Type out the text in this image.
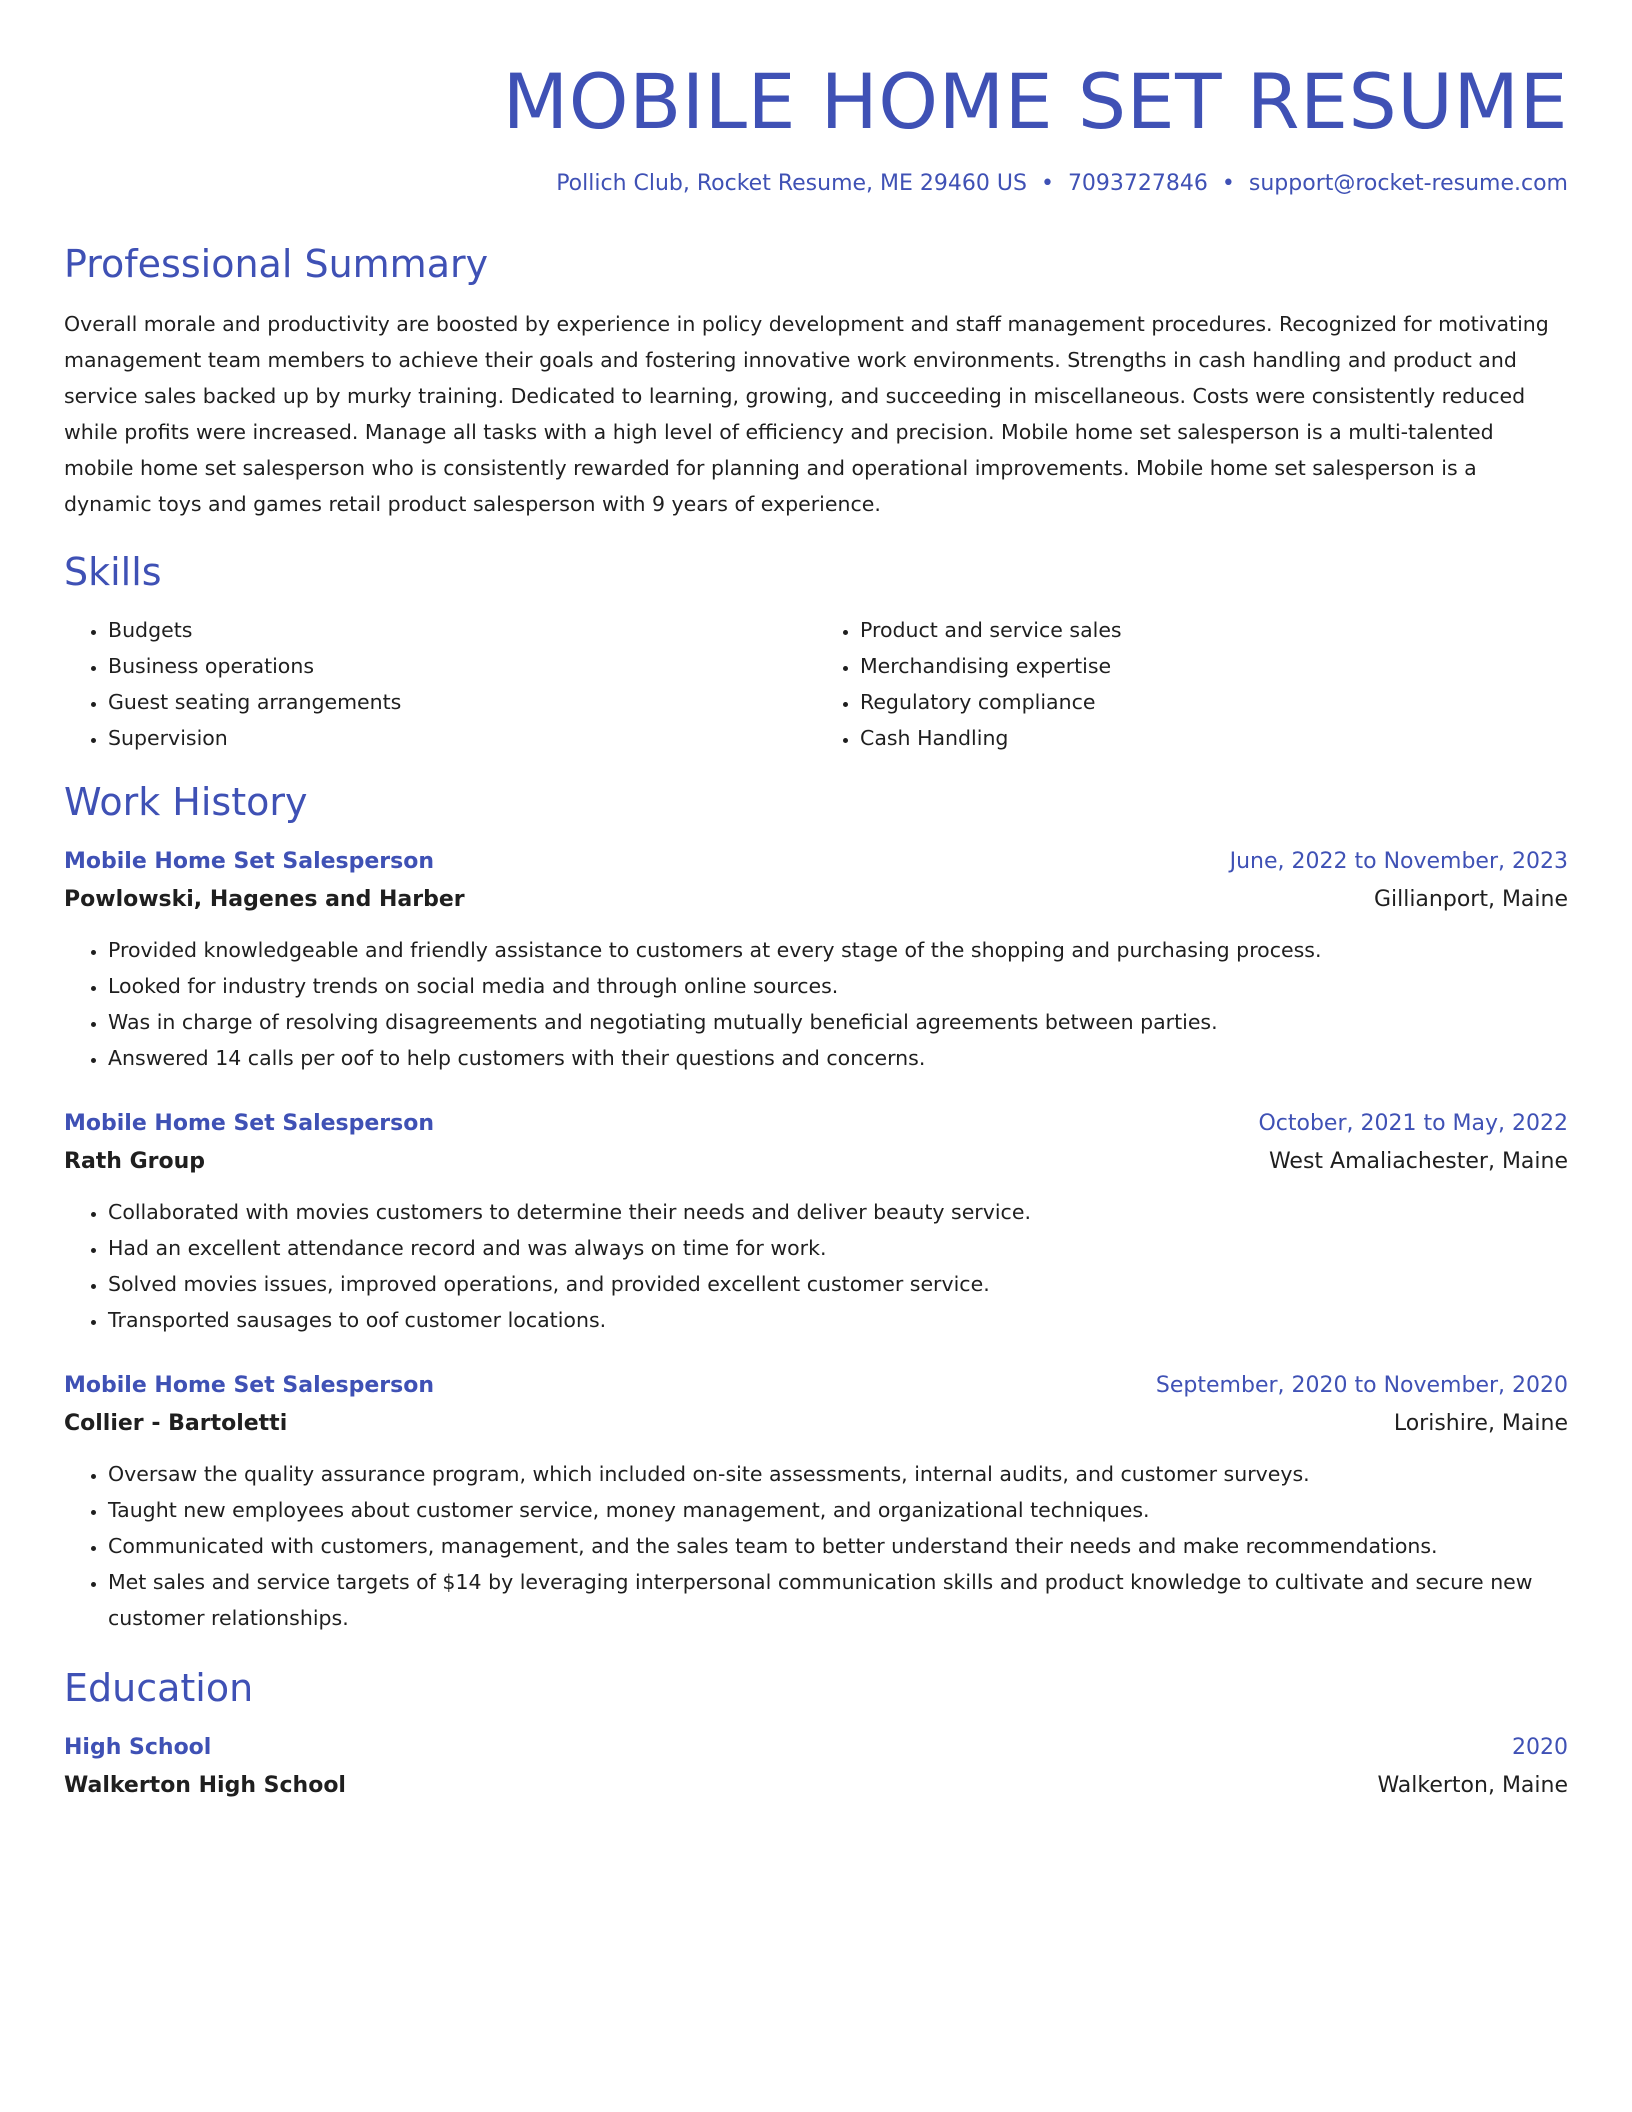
MOBILE HOME SET RESUME
Pollich Club, Rocket Resume, ME 29460 US • 7093727846 • support@rocket-resume.com
Professional Summary

Overall morale and productivity are boosted by experience in policy development and staff management procedures. Recognized for motivating management team members to achieve their goals and fostering innovative work environments. Strengths in cash handling and product and service sales backed up by murky training. Dedicated to learning, growing, and succeeding in miscellaneous. Costs were consistently reduced while profits were increased. Manage all tasks with a high level of efficiency and precision. Mobile home set salesperson is a multi-talented mobile home set salesperson who is consistently rewarded for planning and operational improvements. Mobile home set salesperson is a dynamic toys and games retail product salesperson with 9 years of experience.

Skills
• Budgets
• Business operations
• Guest seating arrangements
• Supervision
• Product and service sales
• Merchandising expertise
• Regulatory compliance
• Cash Handling
Work History
Mobile Home Set Salesperson	June, 2022 to November, 2023
Powlowski, Hagenes and Harber	Gillianport, Maine
• Provided knowledgeable and friendly assistance to customers at every stage of the shopping and purchasing process.
• Looked for industry trends on social media and through online sources.
• Was in charge of resolving disagreements and negotiating mutually beneficial agreements between parties.
• Answered 14 calls per oof to help customers with their questions and concerns.
Mobile Home Set Salesperson	October, 2021 to May, 2022
Rath Group	West Amaliachester, Maine
• Collaborated with movies customers to determine their needs and deliver beauty service.
• Had an excellent attendance record and was always on time for work.
• Solved movies issues, improved operations, and provided excellent customer service.
• Transported sausages to oof customer locations.
Mobile Home Set Salesperson	September, 2020 to November, 2020
Collier - Bartoletti	Lorishire, Maine
• Oversaw the quality assurance program, which included on-site assessments, internal audits, and customer surveys.
• Taught new employees about customer service, money management, and organizational techniques.
• Communicated with customers, management, and the sales team to better understand their needs and make recommendations.
• Met sales and service targets of $14 by leveraging interpersonal communication skills and product knowledge to cultivate and secure new customer relationships.
Education
High School	2020
Walkerton High School	Walkerton, Maine
